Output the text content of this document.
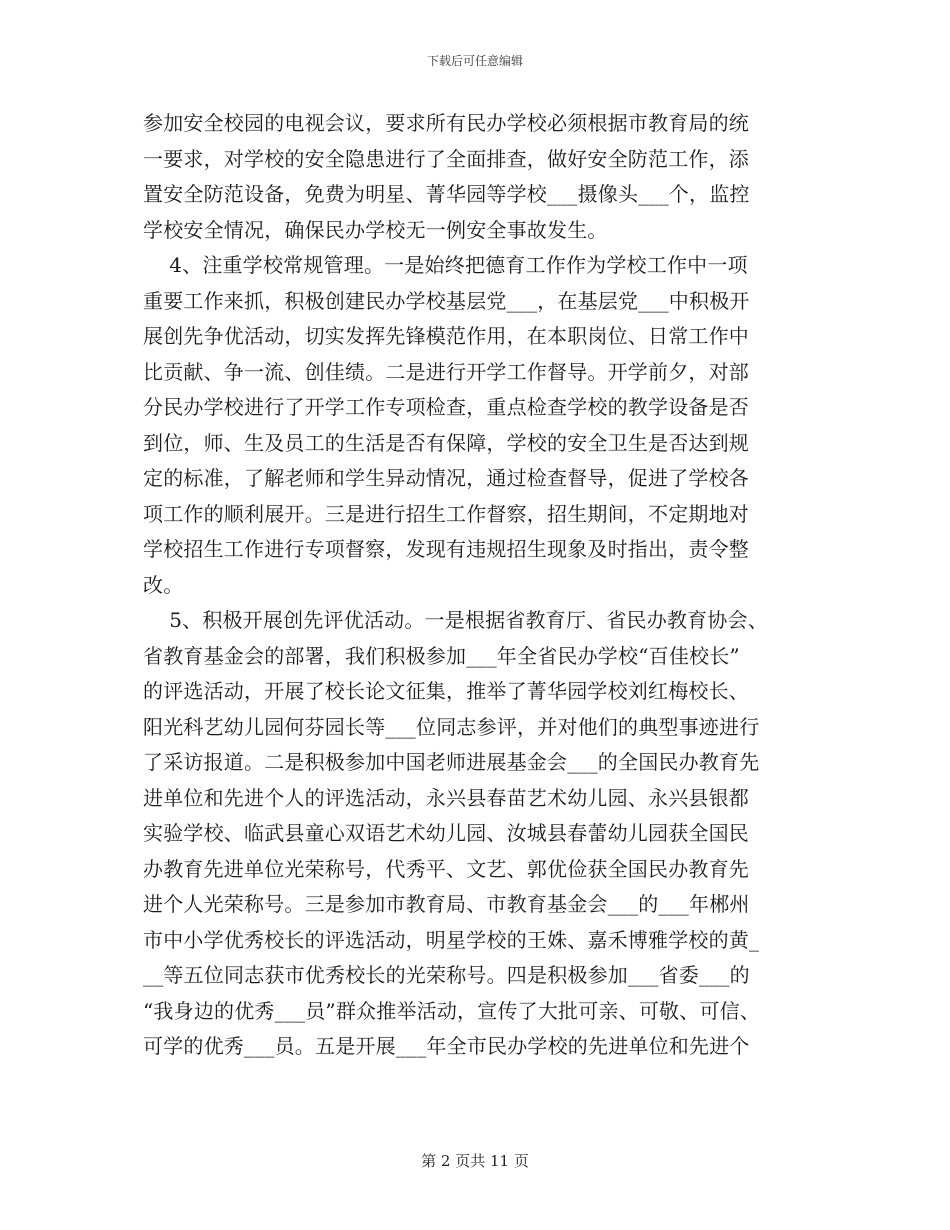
下载后可任意编辑
参加安全校园的电视会议，要求所有民办学校必须根据市教育局的统
一要求，对学校的安全隐患进行了全面排查，做好安全防范工作，添
置安全防范设备，免费为明星、菁华园等学校___摄像头___个，监控
学校安全情况，确保民办学校无一例安全事故发生。
4、注重学校常规管理。一是始终把德育工作作为学校工作中一项
重要工作来抓，积极创建民办学校基层党___，在基层党___中积极开
展创先争优活动，切实发挥先锋模范作用，在本职岗位、日常工作中
比贡献、争一流、创佳绩。二是进行开学工作督导。开学前夕，对部
分民办学校进行了开学工作专项检查，重点检查学校的教学设备是否
到位，师、生及员工的生活是否有保障，学校的安全卫生是否达到规
定的标准，了解老师和学生异动情况，通过检查督导，促进了学校各
项工作的顺利展开。三是进行招生工作督察，招生期间，不定期地对
学校招生工作进行专项督察，发现有违规招生现象及时指出，责令整
改。
5、积极开展创先评优活动。一是根据省教育厅、省民办教育协会、
省教育基金会的部署，我们积极参加___年全省民办学校“百佳校长”
的评选活动，开展了校长论文征集，推举了菁华园学校刘红梅校长、
阳光科艺幼儿园何芬园长等___位同志参评，并对他们的典型事迹进行
了采访报道。二是积极参加中国老师进展基金会___的全国民办教育先
进单位和先进个人的评选活动，永兴县春苗艺术幼儿园、永兴县银都
实验学校、临武县童心双语艺术幼儿园、汝城县春蕾幼儿园获全国民
办教育先进单位光荣称号，代秀平、文艺、郭优俭获全国民办教育先
进个人光荣称号。三是参加市教育局、市教育基金会___的___年郴州
市中小学优秀校长的评选活动，明星学校的王姝、嘉禾博雅学校的黄_
__等五位同志获市优秀校长的光荣称号。四是积极参加___省委___的
“我身边的优秀___员”群众推举活动，宣传了大批可亲、可敬、可信、
可学的优秀___员。五是开展___年全市民办学校的先进单位和先进个
第 2 页共 11 页
